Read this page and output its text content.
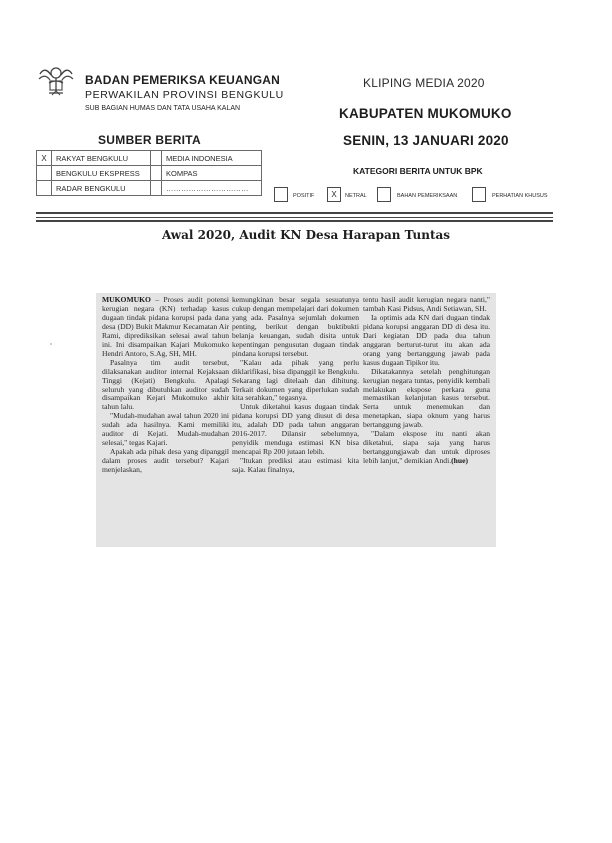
BADAN PEMERIKSA KEUANGAN
PERWAKILAN PROVINSI BENGKULU
SUB BAGIAN HUMAS DAN TATA USAHA KALAN
KLIPING MEDIA 2020
KABUPATEN MUKOMUKO
SENIN, 13 JANUARI 2020
SUMBER BERITA
X	RAKYAT BENGKULU		MEDIA INDONESIA
	BENGKULU EKSPRESS		KOMPAS
	RADAR BENGKULU		……………………………
KATEGORI BERITA UNTUK BPK
POSITIF	X	NETRAL	BAHAN PEMERIKSAAN	PERHATIAN KHUSUS
Awal 2020, Audit KN Desa Harapan Tuntas

MUKOMUKO – Proses audit potensi kerugian negara (KN) terhadap kasus dugaan tindak pidana korupsi pada dana desa (DD) Bukit Makmur Kecamatan Air Rami, diprediksikan selesai awal tahun ini. Ini disampaikan Kajari Mukomuko Hendri Antoro, S.Ag, SH, MH.

Pasalnya tim audit tersebut, dilaksanakan auditor internal Kejaksaan Tinggi (Kejati) Bengkulu. Apalagi seluruh yang dibutuhkan auditor sudah disampaikan Kejari Mukomuko akhir tahun lalu.

"Mudah-mudahan awal tahun 2020 ini sudah ada hasilnya. Kami memiliki auditor di Kejati. Mudah-mudahan selesai," tegas Kajari.

Apakah ada pihak desa yang dipanggil dalam proses audit tersebut? Kajari menjelaskan,

kemungkinan besar segala sesuatunya cukup dengan mempelajari dari dokumen yang ada. Pasalnya sejumlah dokumen penting, berikut dengan buktibukti belanja keuangan, sudah disita untuk kepentingan pengusutan dugaan tindak pindana korupsi tersebut.

"Kalau ada pihak yang perlu diklarifikasi, bisa dipanggil ke Bengkulu. Sekarang lagi ditelaah dan dihitung. Terkait dokumen yang diperlukan sudah kita serahkan," tegasnya.

Untuk diketahui kasus dugaan tindak pidana korupsi DD yang diusut di desa itu, adalah DD pada tahun anggaran 2016-2017. Dilansir sebelumnya, penyidik menduga estimasi KN bisa mencapai Rp 200 jutaan lebih.

"Itukan prediksi atau estimasi kita saja. Kalau finalnya,

tentu hasil audit kerugian negara nanti," tambah Kasi Pidsus, Andi Setiawan, SH.

Ia optimis ada KN dari dugaan tindak pidana korupsi anggaran DD di desa itu. Dari kegiatan DD pada dua tahun anggaran berturut-turut itu akan ada orang yang bertanggung jawab pada kasus dugaan Tipikor itu.

Dikatakannya setelah penghitungan kerugian negara tuntas, penyidik kembali melakukan ekspose perkara guna memastikan kelanjutan kasus tersebut. Serta untuk menemukan dan menetapkan, siapa oknum yang harus bertanggung jawab.

"Dalam ekspose itu nanti akan diketahui, siapa saja yang harus bertanggungjawab dan untuk diproses lebih lanjut," demikian Andi.(hue)
